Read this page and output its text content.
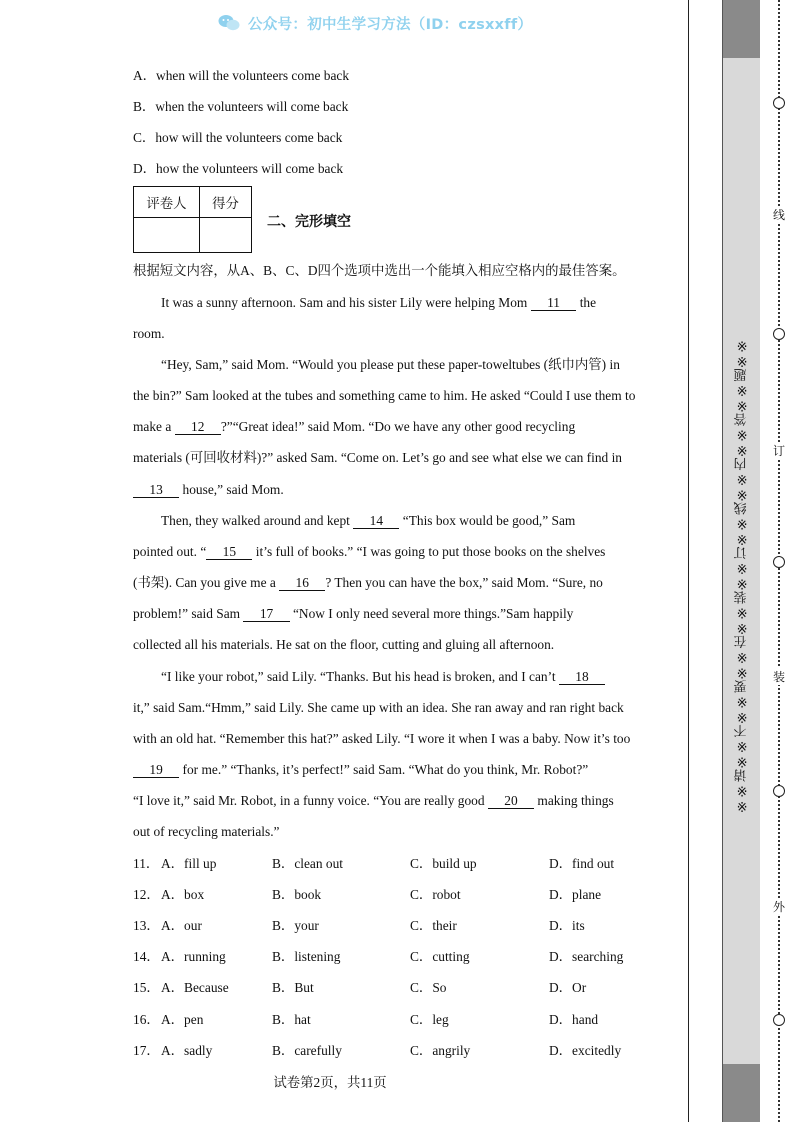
公众号：初中生学习方法（ID：czsxxff）
A．when will the volunteers come back
B．when the volunteers will come back
C．how will the volunteers come back
D．how the volunteers will come back
评卷人	得分

二、完形填空
根据短文内容，从A、B、C、D四个选项中选出一个能填入相应空格内的最佳答案。
It was a sunny afternoon. Sam and his sister Lily were helping Mom     11     the
room.
“Hey, Sam,” said Mom. “Would you please put these paper-toweltubes (纸巾内管) in
the bin?” Sam looked at the tubes and something came to him. He asked “Could I use them to
make a     12 ?”“Great idea!” said Mom. “Do we have any other good recycling
materials (可回收材料)?” asked Sam. “Come on. Let’s go and see what else we can find in
13     house,” said Mom.
Then, they walked around and kept     14     “This box would be good,” Sam
pointed out. “ 15     it’s full of books.” “I was going to put those books on the shelves
(书架). Can you give me a     16 ? Then you can have the box,” said Mom. “Sure, no
problem!” said Sam     17     “Now I only need several more things.”Sam happily
collected all his materials. He sat on the floor, cutting and gluing all afternoon.
“I like your robot,” said Lily. “Thanks. But his head is broken, and I can’t     18
it,” said Sam.“Hmm,” said Lily. She came up with an idea. She ran away and ran right back
with an old hat. “Remember this hat?” asked Lily. “I wore it when I was a baby. Now it’s too
19     for me.” “Thanks, it’s perfect!” said Sam. “What do you think, Mr. Robot?”
“I love it,” said Mr. Robot, in a funny voice. “You are really good     20     making things
out of recycling materials.”
11． A．fill up	B．clean out	C．build up	D．find out
12． A．box	B．book	C．robot	D．plane
13． A．our	B．your	C．their	D．its
14． A．running	B．listening	C．cutting	D．searching
15． A．Because	B．But	C．So	D．Or
16． A．pen	B．hat	C．leg	D．hand
17． A．sadly	B．carefully	C．angrily	D．excitedly
试卷第2页，共11页
※※请※※不※※要※※在※※装※※订※※线※※内※※答※※题※※
线
订
装
外
